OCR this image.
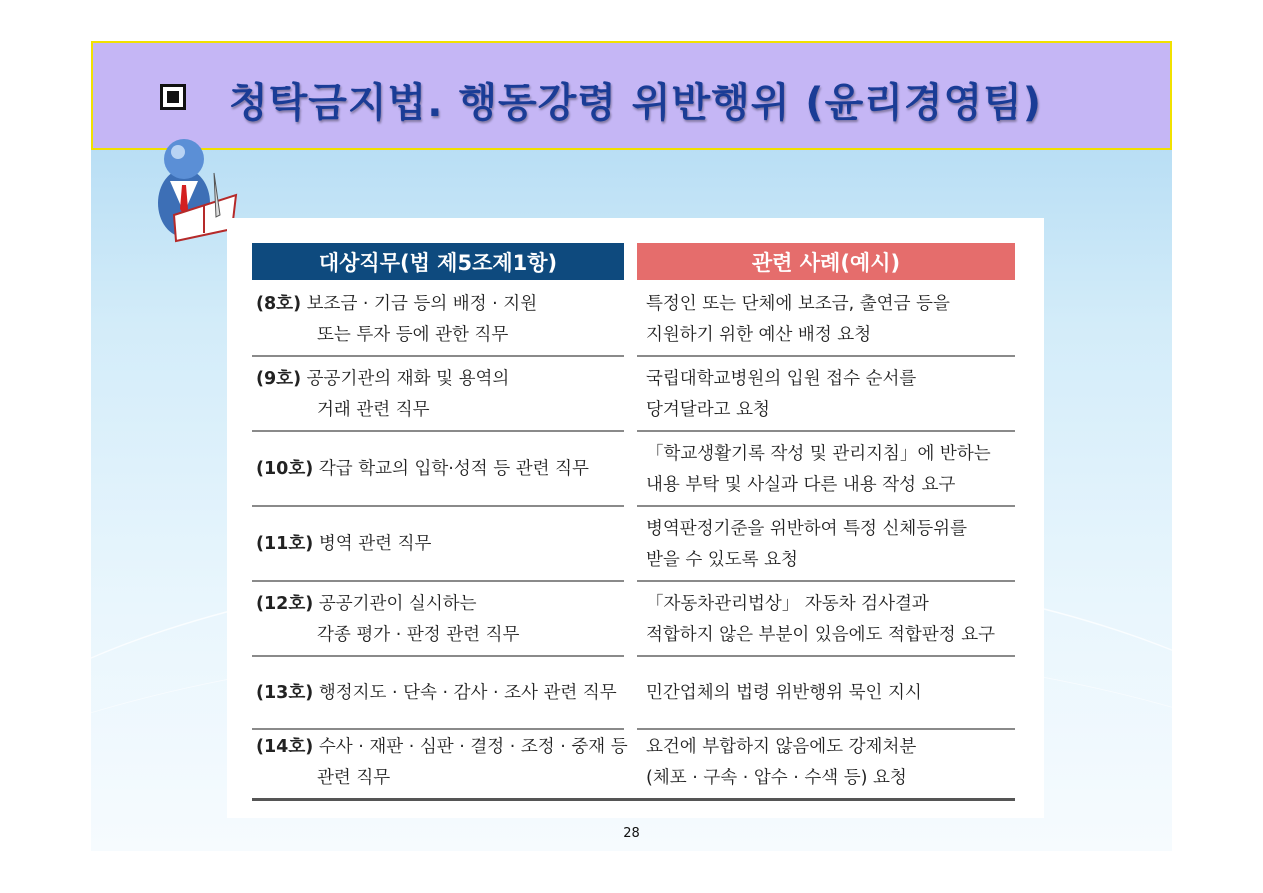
청탁금지법. 행동강령 위반행위 (윤리경영팀)
대상직무(법 제5조제1항)	관련 사례(예시)
(8호) 보조금 · 기금 등의 배정 · 지원
또는 투자 등에 관한 직무
특정인 또는 단체에 보조금, 출연금 등을
지원하기 위한 예산 배정 요청
(9호) 공공기관의 재화 및 용역의
거래 관련 직무
국립대학교병원의 입원 접수 순서를
당겨달라고 요청
(10호) 각급 학교의 입학·성적 등 관련 직무
「학교생활기록 작성 및 관리지침」에 반하는
내용 부탁 및 사실과 다른 내용 작성 요구
(11호) 병역 관련 직무
병역판정기준을 위반하여 특정 신체등위를
받을 수 있도록 요청
(12호) 공공기관이 실시하는
각종 평가 · 판정 관련 직무
「자동차관리법상」 자동차 검사결과
적합하지 않은 부분이 있음에도 적합판정 요구
(13호) 행정지도 · 단속 · 감사 · 조사 관련 직무	민간업체의 법령 위반행위 묵인 지시
(14호) 수사 · 재판 · 심판 · 결정 · 조정 · 중재 등
관련 직무
요건에 부합하지 않음에도 강제처분
(체포 · 구속 · 압수 · 수색 등) 요청
28
